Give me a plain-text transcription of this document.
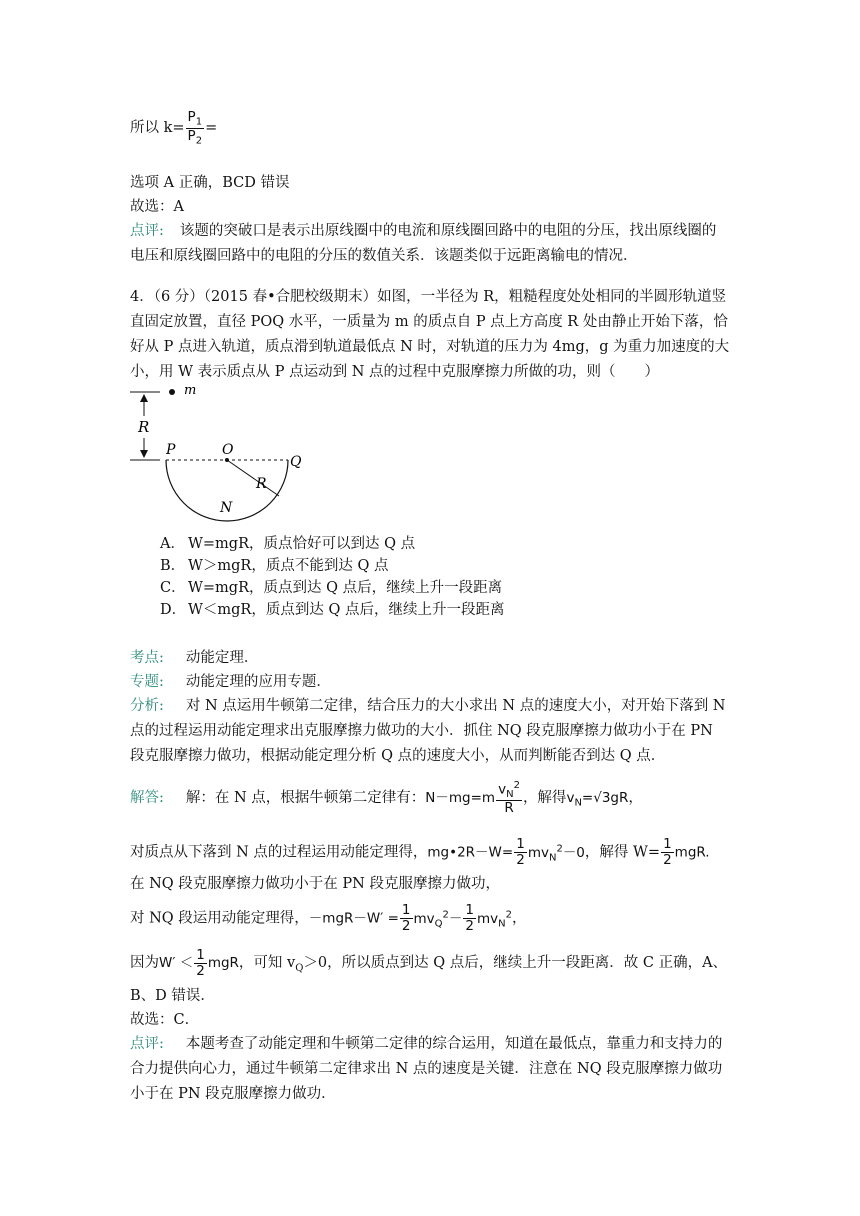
所以 $k= \frac{P_1}{P_2}$ =
选项 A 正确，BCD 错误
故选：A
点评: 该题的突破口是表示出原线圈中的电流和原线圈回路中的电阻的分压，找出原线圈的电压和原线圈回路中的电阻的分压的数值关系．该题类似于远距离输电的情况．
4．（6 分）（2015 春•合肥校级期末）如图，一半径为 R，粗糙程度处处相同的半圆形轨道竖直固定放置，直径 POQ 水平，一质量为 m 的质点自 P 点上方高度 R 处由静止开始下落，恰好从 P 点进入轨道，质点滑到轨道最低点 N 时，对轨道的压力为 4mg，g 为重力加速度的大小，用 W 表示质点从 P 点运动到 N 点的过程中克服摩擦力所做的功，则（　　）
m
R
P	O
Q
R
N
A． W=mgR，质点恰好可以到达 Q 点
B． W＞mgR，质点不能到达 Q 点
C． W=mgR，质点到达 Q 点后，继续上升一段距离
D． W＜mgR，质点到达 Q 点后，继续上升一段距离
考点: 动能定理．
专题: 动能定理的应用专题．
分析: 对 N 点运用牛顿第二定律，结合压力的大小求出 N 点的速度大小，对开始下落到 N 点的过程运用动能定理求出克服摩擦力做功的大小．抓住 NQ 段克服摩擦力做功小于在 PN 段克服摩擦力做功，根据动能定理分析 Q 点的速度大小，从而判断能否到达 Q 点．
解答: 解：在 N 点，根据牛顿第二定律有：$N-mg=m \frac{v_N^2}{R}$ ，解得$v_N=√3gR$，
对质点从下落到 N 点的过程运用动能定理得，mg•2R－W= $\frac{1}{2} mv_N^2-0$，解得 $W= \frac{1}{2}$ mgR.
在 NQ 段克服摩擦力做功小于在 PN 段克服摩擦力做功，
对 NQ 段运用动能定理得，$-mgR-W' = \frac{1}{2} mv_Q^2- \frac{1}{2} mv_N^2$，
因为$W' < \frac{1}{2}$ mgR，可知 $v_Q>0$，所以质点到达 Q 点后，继续上升一段距离．故 C 正确，A、
B、D 错误．
故选：C．
点评: 本题考查了动能定理和牛顿第二定律的综合运用，知道在最低点，靠重力和支持力的合力提供向心力，通过牛顿第二定律求出 N 点的速度是关键．注意在 NQ 段克服摩擦力做功小于在 PN 段克服摩擦力做功．
